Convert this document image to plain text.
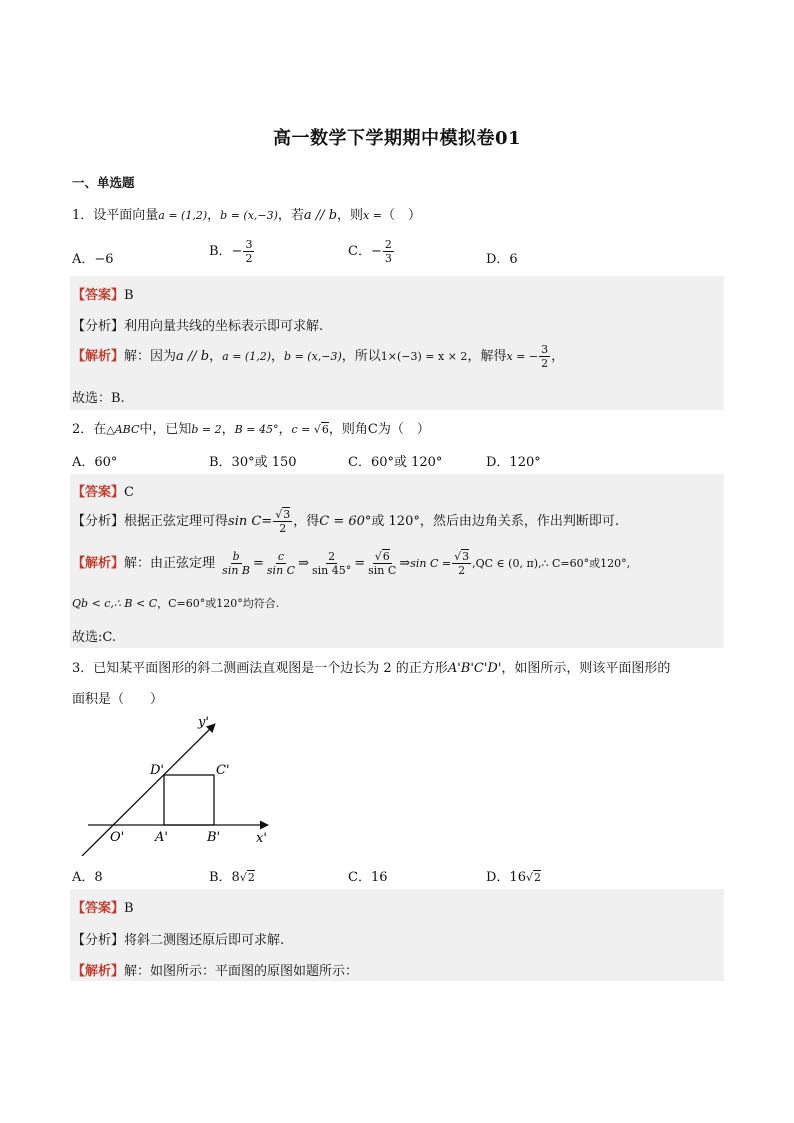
高一数学下学期期中模拟卷01
一、单选题
1．设平面向量a = (1,2)，b = (x,−3)，若a // b，则x =（　）
A．−6
B．− $\frac{3}{2}$	C．− $\frac{2}{3}$	D．6
【答案】B
【分析】利用向量共线的坐标表示即可求解.
【解析】解：因为a // b，a = (1,2)，b = (x,−3)，所以1×(−3) = x × 2，解得x = − $\frac{3}{2}$ ，
故选：B.
2．在△ABC中，已知b = 2，B = 45°，c = √6，则角C为（　）
A．60°	B．30°或 150	C．60°或 120°	D．120°
【答案】C
【分析】根据正弦定理可得$\sin C= \frac{√3}{2}$ ，得C = 60°或 120°，然后由边角关系，作出判断即可.
【解析】解：由正弦定理 $\frac{b}{\text{sin B}} = \frac{c}{\text{sin C}}$ ⇒ $\frac{2}{\sin 45^\circ} = \frac{√6}{\text{sin C}}$ ⇒sin $C = \frac{√3}{2} ,QC$ ∈ (0, π),∴ C=60°或120°,
Qb < c,∴ B < C，C=60°或120°均符合.
故选:C.
3．已知某平面图形的斜二测画法直观图是一个边长为 2 的正方形A'B'C'D'，如图所示，则该平面图形的
面积是（　　）
y'
x'
O' A'	B'
C'
D'
A．8	B．8√2	C．16	D．16√2
【答案】B
【分析】将斜二测图还原后即可求解.
【解析】解：如图所示：平面图的原图如题所示：
